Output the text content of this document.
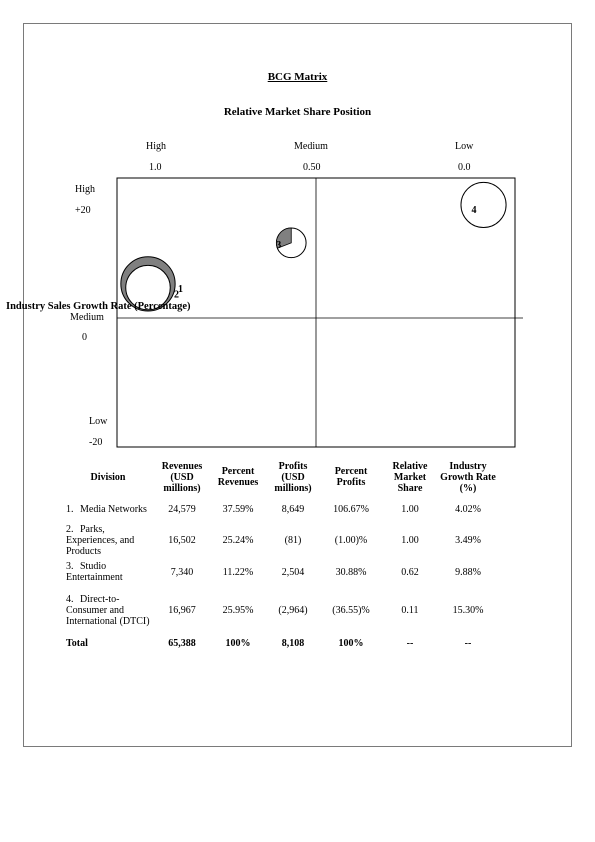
BCG Matrix
Relative Market Share Position
High
1.0
Medium
0.50
Low
0.0
High
+20
Medium
0
Low
-20
1
2
3
4
Industry Sales Growth Rate (Percentage)
Division	Revenues (USD millions)	Percent Revenues	Profits (USD millions)	Percent Profits	Relative Market Share	Industry Growth Rate (%)
1. Media Networks	24,579	37.59%	8,649	106.67%	1.00	4.02%
2. Parks, Experiences, and Products	16,502	25.24%	(81)	(1.00)%	1.00	3.49%
3. Studio Entertainment	7,340	11.22%	2,504	30.88%	0.62	9.88%
4. Direct-to-Consumer and International (DTCI)	16,967	25.95%	(2,964)	(36.55)%	0.11	15.30%
Total	65,388	100%	8,108	100%	--	--
